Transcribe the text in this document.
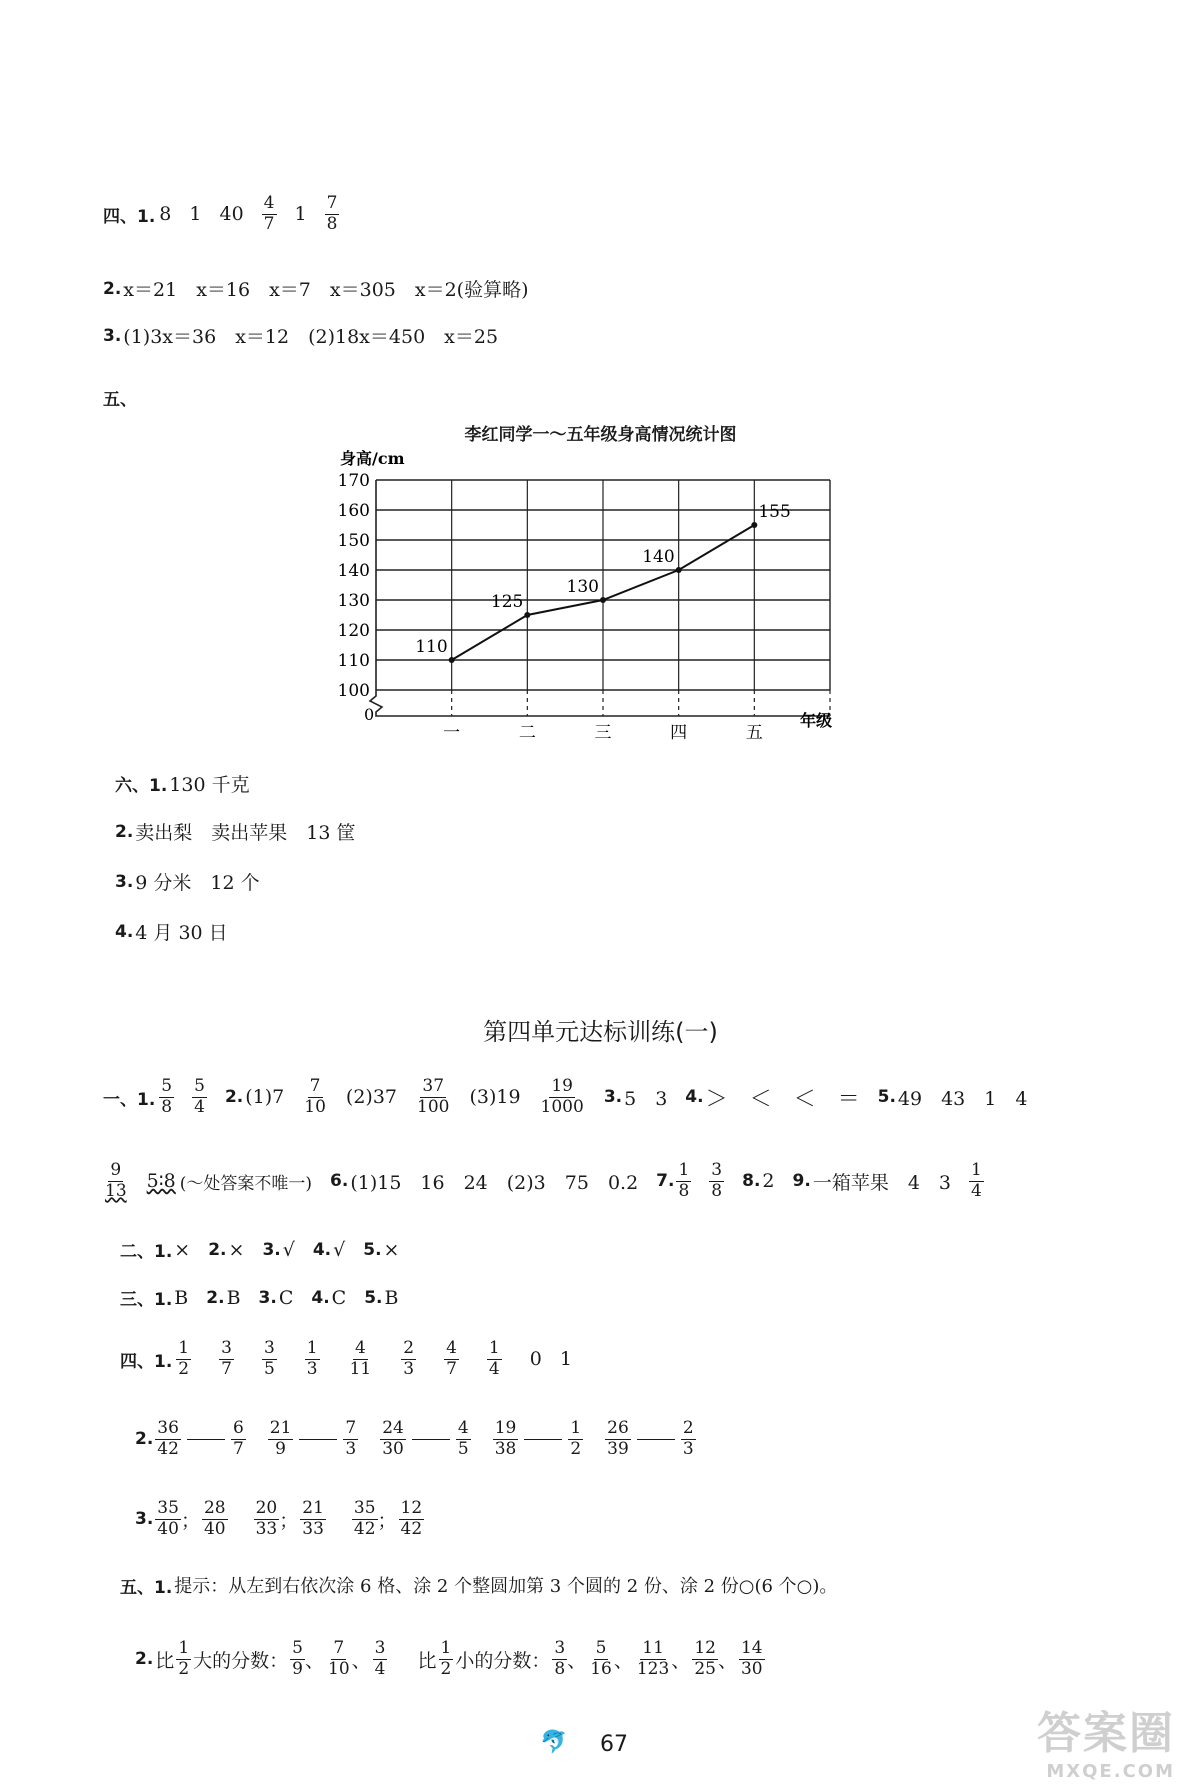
四、1. 8 1 $40 \frac{4}{7} 1 \frac{7}{8}$
2. x＝21　x＝16　x＝7　x＝305　x＝2(验算略)
3. (1)3x＝36　x＝12　(2)18x＝450　x＝25
五、
李红同学一～五年级身高情况统计图
100
110
120
130
140
150
160
170
一	二	三	四	五
110
125
130
140
155
身高/cm
年级
0
六、1. 130 千克
2. 卖出梨　卖出苹果　13 筐
3. 9 分米　12 个
4. 4 月 30 日
第四单元达标训练(一)
一、1. $\frac{5}{8} \frac{5}{4} 2$. $(1)7 \frac{7}{10} (2)37 \frac{37}{100} (3)19 \frac{19}{1000} 3$. 5　3 4. ＞　＜　＜　＝ 5. 49　43　1　4
$\frac{9}{13}$ 5∶8 (～处答案不唯一) 6. (1)15　16　24　(2)3　75　0.2 7. $\frac{1}{8} \frac{3}{8} 8$. 2 9. 一箱苹果　4　$3 \frac{1}{4}$
二、1. × 2. × 3. √ 4. √ 5. ×
三、1. B 2. B 3. C 4. C 5. B
四、1. $\frac{1}{2} \frac{3}{7} \frac{3}{5} \frac{1}{3} \frac{4}{11} \frac{2}{3} \frac{4}{7} \frac{1}{4} 0$ 1
2. $\frac{36}{42}$	$\frac{6}{7} \frac{21}{9}$	$\frac{7}{3} \frac{24}{30}$	$\frac{4}{5} \frac{19}{38}$	$\frac{1}{2} \frac{26}{39}$	$\frac{2}{3}$
3. $\frac{35}{40}$ ； $\frac{28}{40} \frac{20}{33}$ ； $\frac{21}{33} \frac{35}{42}$ ； $\frac{12}{42}$
五、1. 提示：从左到右依次涂 6 格、涂 2 个整圆加第 3 个圆的 2 份、涂 2 份○(6 个○)。
2. 比 $\frac{1}{2}$ 大的分数： $\frac{5}{9}$ 、 $\frac{7}{10}$ 、 $\frac{3}{4}$ 比 $\frac{1}{2}$ 小的分数： $\frac{3}{8}$ 、 $\frac{5}{16}$ 、 $\frac{11}{123}$ 、 $\frac{12}{25}$ 、 $\frac{14}{30}$
🐬 67	答案圈
MXQE.COM
